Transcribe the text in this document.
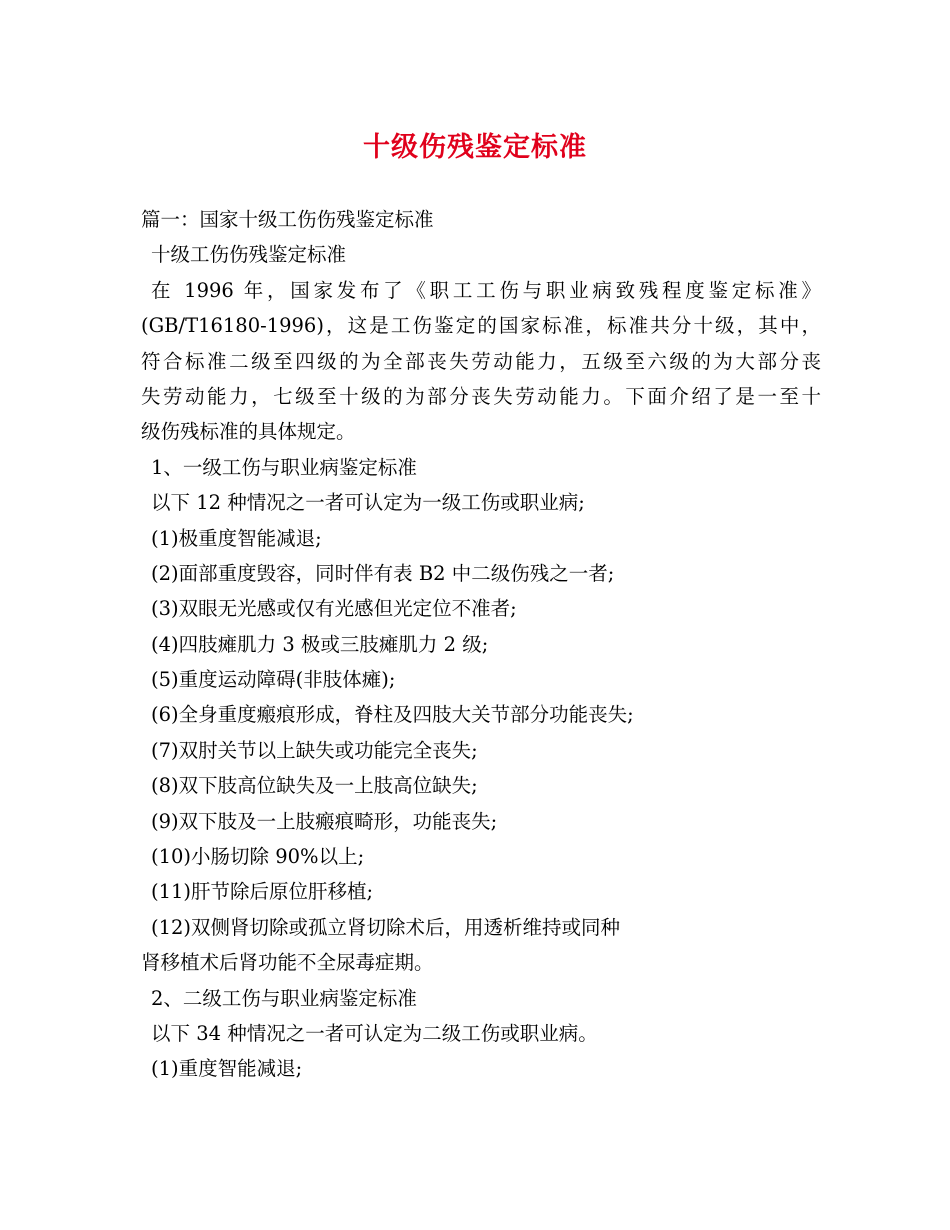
十级伤残鉴定标准
篇一：国家十级工伤伤残鉴定标准
十级工伤伤残鉴定标准
在 1996 年，国家发布了《职工工伤与职业病致残程度鉴定标准》
(GB/T16180-1996)，这是工伤鉴定的国家标准，标准共分十级，其中，
符合标准二级至四级的为全部丧失劳动能力，五级至六级的为大部分丧
失劳动能力，七级至十级的为部分丧失劳动能力。下面介绍了是一至十
级伤残标准的具体规定。
1、一级工伤与职业病鉴定标准
以下 12 种情况之一者可认定为一级工伤或职业病;
(1)极重度智能减退;
(2)面部重度毁容，同时伴有表 B2 中二级伤残之一者;
(3)双眼无光感或仅有光感但光定位不准者;
(4)四肢瘫肌力 3 极或三肢瘫肌力 2 级;
(5)重度运动障碍(非肢体瘫);
(6)全身重度瘢痕形成，脊柱及四肢大关节部分功能丧失;
(7)双肘关节以上缺失或功能完全丧失;
(8)双下肢高位缺失及一上肢高位缺失;
(9)双下肢及一上肢瘢痕畸形，功能丧失;
(10)小肠切除 90%以上;
(11)肝节除后原位肝移植;
(12)双侧肾切除或孤立肾切除术后，用透析维持或同种
肾移植术后肾功能不全尿毒症期。
2、二级工伤与职业病鉴定标准
以下 34 种情况之一者可认定为二级工伤或职业病。
(1)重度智能减退;
